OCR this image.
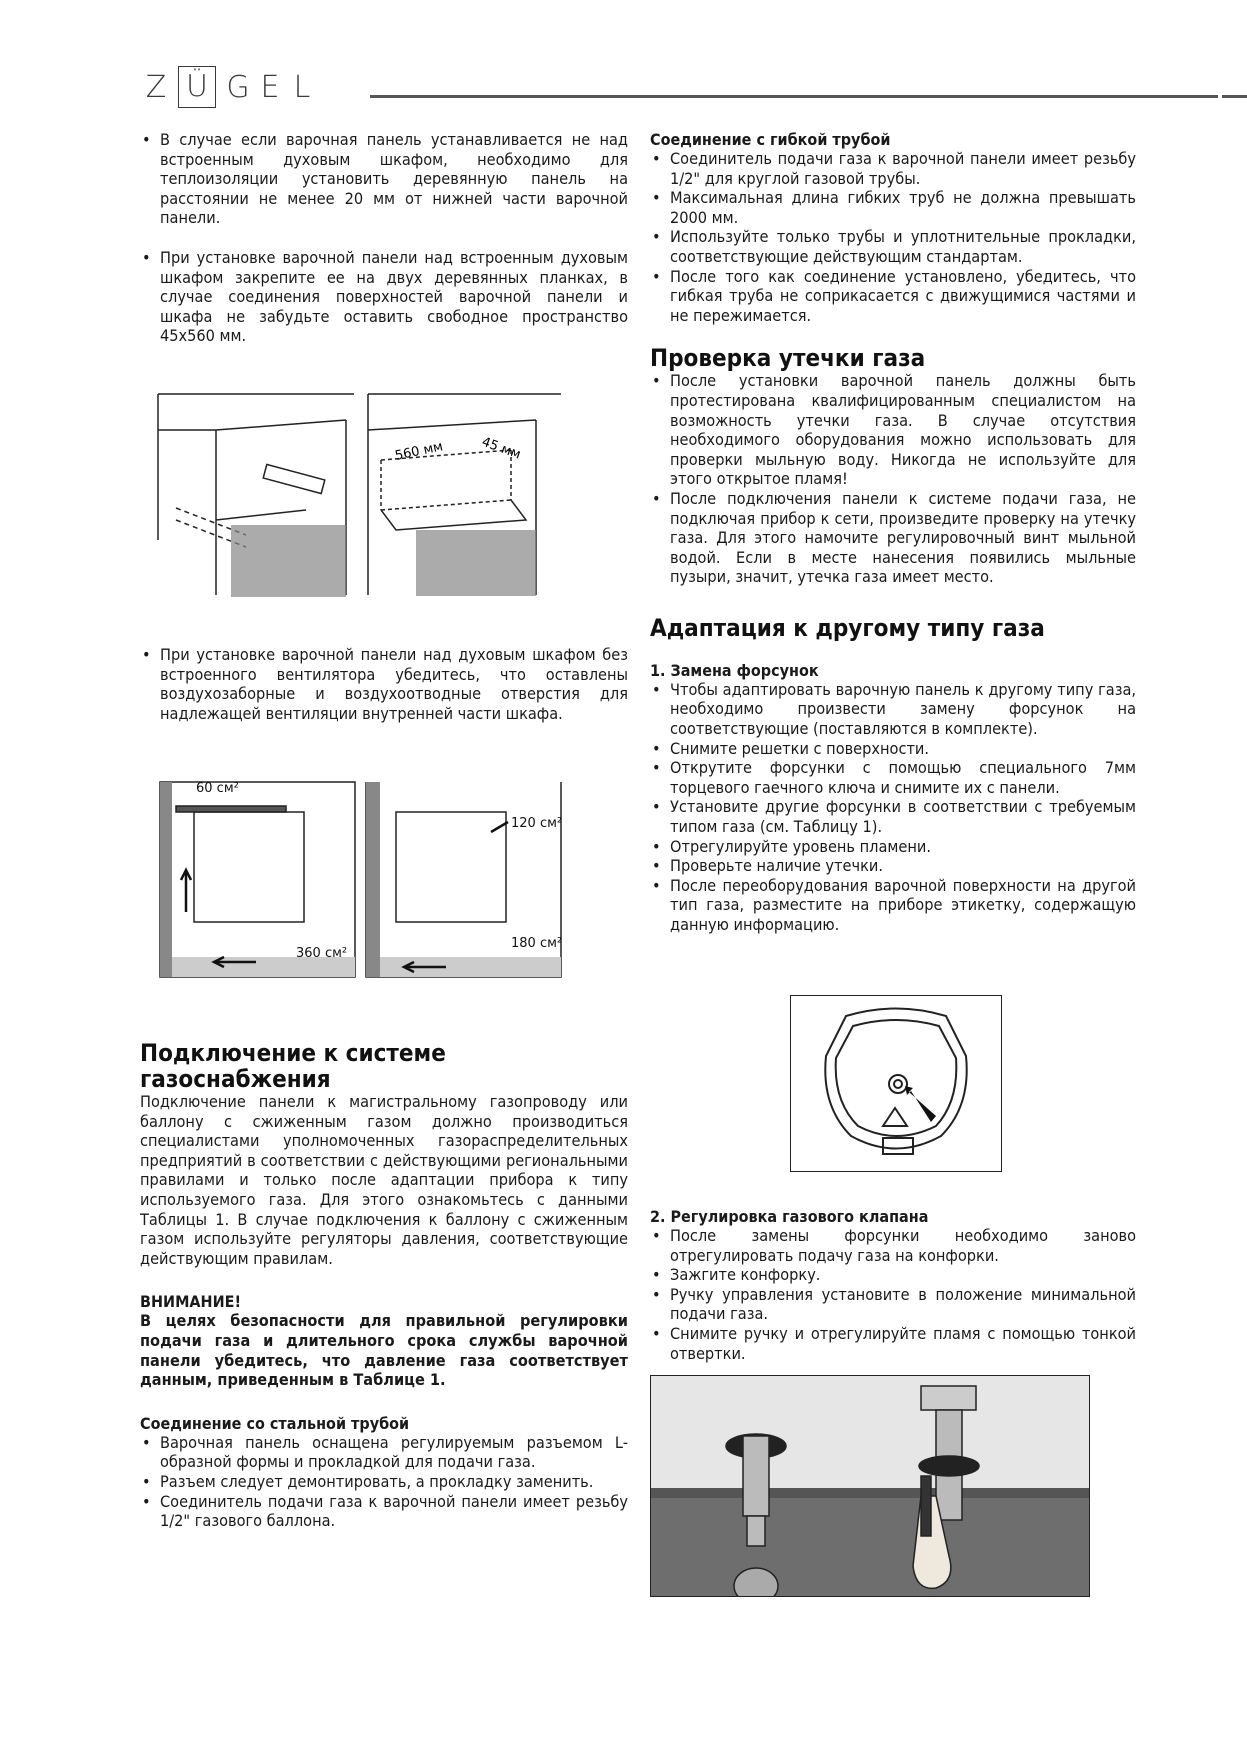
Z Ü G E L
• В случае если варочная панель устанавливается не над встроенным духовым шкафом, необходимо для теплоизоляции установить деревянную панель на расстоянии не менее 20 мм от нижней части варочной панели.
• При установке варочной панели над встроенным духовым шкафом закрепите ее на двух деревянных планках, в случае соединения поверхностей варочной панели и шкафа не забудьте оставить свободное пространство 45х560 мм.
560 мм	45 мм
• При установке варочной панели над духовым шкафом без встроенного вентилятора убедитесь, что оставлены воздухозаборные и воздухоотводные отверстия для надлежащей вентиляции внутренней части шкафа.
60 см²
360 см²
120 см²
180 см²
Подключение к системе газоснабжения

Подключение панели к магистральному газопроводу или баллону с сжиженным газом должно производиться специалистами уполномоченных газораспределительных предприятий в соответствии с действующими региональными правилами и только после адаптации прибора к типу используемого газа. Для этого ознакомьтесь с данными Таблицы 1. В случае подключения к баллону с сжиженным газом используйте регуляторы давления, соответствующие действующим правилам.

ВНИМАНИЕ!

В целях безопасности для правильной регулировки подачи газа и длительного срока службы варочной панели убедитесь, что давление газа соответствует данным, приведенным в Таблице 1.

Соединение со стальной трубой
• Варочная панель оснащена регулируемым разъемом L-образной формы и прокладкой для подачи газа.
• Разъем следует демонтировать, а прокладку заменить.
• Соединитель подачи газа к варочной панели имеет резьбу 1/2" газового баллона.
Соединение с гибкой трубой
• Соединитель подачи газа к варочной панели имеет резьбу 1/2" для круглой газовой трубы.
• Максимальная длина гибких труб не должна превышать 2000 мм.
• Используйте только трубы и уплотнительные прокладки, соответствующие действующим стандартам.
• После того как соединение установлено, убедитесь, что гибкая труба не соприкасается с движущимися частями и не пережимается.
Проверка утечки газа
• После установки варочной панель должны быть протестирована квалифицированным специалистом на возможность утечки газа. В случае отсутствия необходимого оборудования можно использовать для проверки мыльную воду. Никогда не используйте для этого открытое пламя!
• После подключения панели к системе подачи газа, не подключая прибор к сети, произведите проверку на утечку газа. Для этого намочите регулировочный винт мыльной водой. Если в месте нанесения появились мыльные пузыри, значит, утечка газа имеет место.
Адаптация к другому типу газа
1. Замена форсунок
• Чтобы адаптировать варочную панель к другому типу газа, необходимо произвести замену форсунок на соответствующие (поставляются в комплекте).
• Снимите решетки с поверхности.
• Открутите форсунки с помощью специального 7мм торцевого гаечного ключа и снимите их с панели.
• Установите другие форсунки в соответствии с требуемым типом газа (см. Таблицу 1).
• Отрегулируйте уровень пламени.
• Проверьте наличие утечки.
• После переоборудования варочной поверхности на другой тип газа, разместите на приборе этикетку, содержащую данную информацию.
2. Регулировка газового клапана
• После замены форсунки необходимо заново отрегулировать подачу газа на конфорки.
• Зажгите конфорку.
• Ручку управления установите в положение минимальной подачи газа.
• Снимите ручку и отрегулируйте пламя с помощью тонкой отвертки.
